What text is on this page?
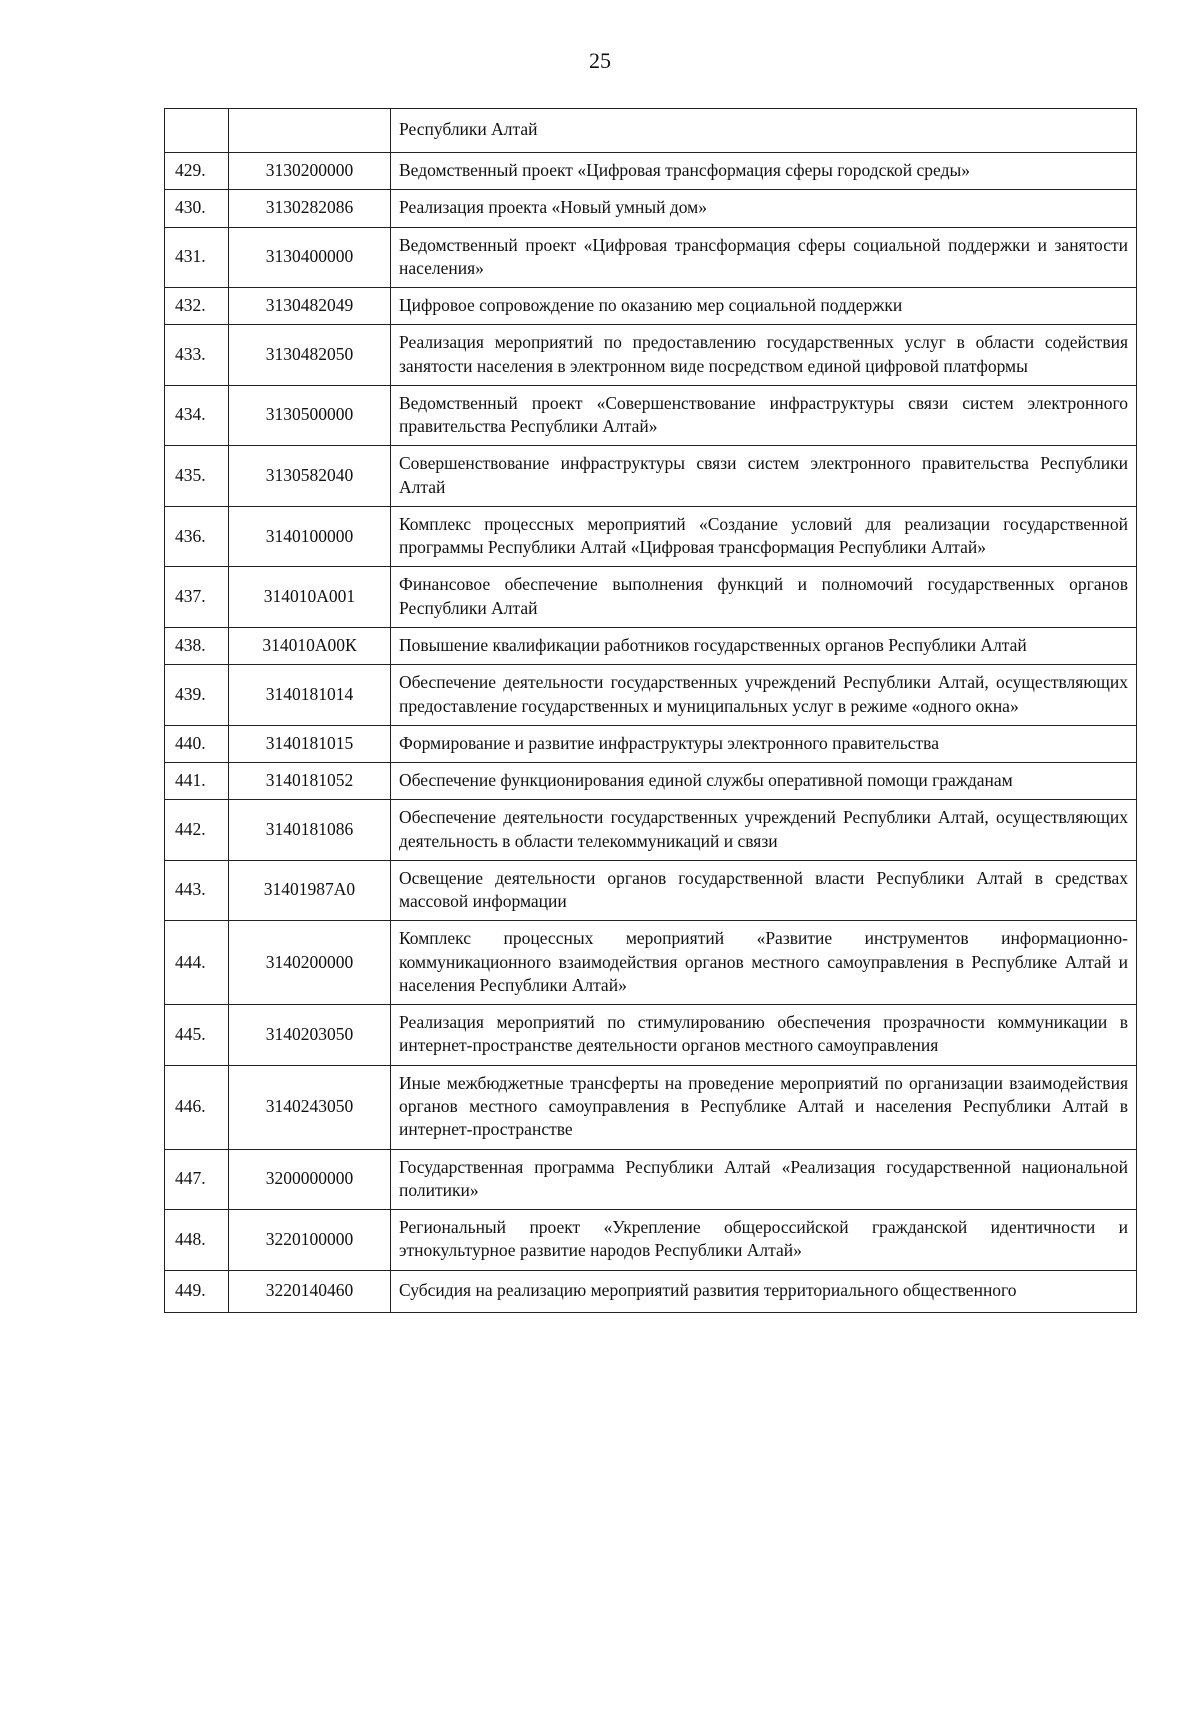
25
		Республики Алтай
429.	3130200000	Ведомственный проект «Цифровая трансформация сферы городской среды»
430.	3130282086	Реализация проекта «Новый умный дом»
431.	3130400000	Ведомственный проект «Цифровая трансформация сферы социальной поддержки и занятости населения»
432.	3130482049	Цифровое сопровождение по оказанию мер социальной поддержки
433.	3130482050	Реализация мероприятий по предоставлению государственных услуг в области содействия занятости населения в электронном виде посредством единой цифровой платформы
434.	3130500000	Ведомственный проект «Совершенствование инфраструктуры связи систем электронного правительства Республики Алтай»
435.	3130582040	Совершенствование инфраструктуры связи систем электронного правительства Республики Алтай
436.	3140100000	Комплекс процессных мероприятий «Создание условий для реализации государственной программы Республики Алтай «Цифровая трансформация Республики Алтай»
437.	314010А001	Финансовое обеспечение выполнения функций и полномочий государственных органов Республики Алтай
438.	314010А00К	Повышение квалификации работников государственных органов Республики Алтай
439.	3140181014	Обеспечение деятельности государственных учреждений Республики Алтай, осуществляющих предоставление государственных и муниципальных услуг в режиме «одного окна»
440.	3140181015	Формирование и развитие инфраструктуры электронного правительства
441.	3140181052	Обеспечение функционирования единой службы оперативной помощи гражданам
442.	3140181086	Обеспечение деятельности государственных учреждений Республики Алтай, осуществляющих деятельность в области телекоммуникаций и связи
443.	31401987А0	Освещение деятельности органов государственной власти Республики Алтай в средствах массовой информации
444.	3140200000	Комплекс процессных мероприятий «Развитие инструментов информационно-коммуникационного взаимодействия органов местного самоуправления в Республике Алтай и населения Республики Алтай»
445.	3140203050	Реализация мероприятий по стимулированию обеспечения прозрачности коммуникации в интернет-пространстве деятельности органов местного самоуправления
446.	3140243050	Иные межбюджетные трансферты на проведение мероприятий по организации взаимодействия органов местного самоуправления в Республике Алтай и населения Республики Алтай в интернет-пространстве
447.	3200000000	Государственная программа Республики Алтай «Реализация государственной национальной политики»
448.	3220100000	Региональный проект «Укрепление общероссийской гражданской идентичности и этнокультурное развитие народов Республики Алтай»
449.	3220140460	Субсидия на реализацию мероприятий развития территориального общественного
